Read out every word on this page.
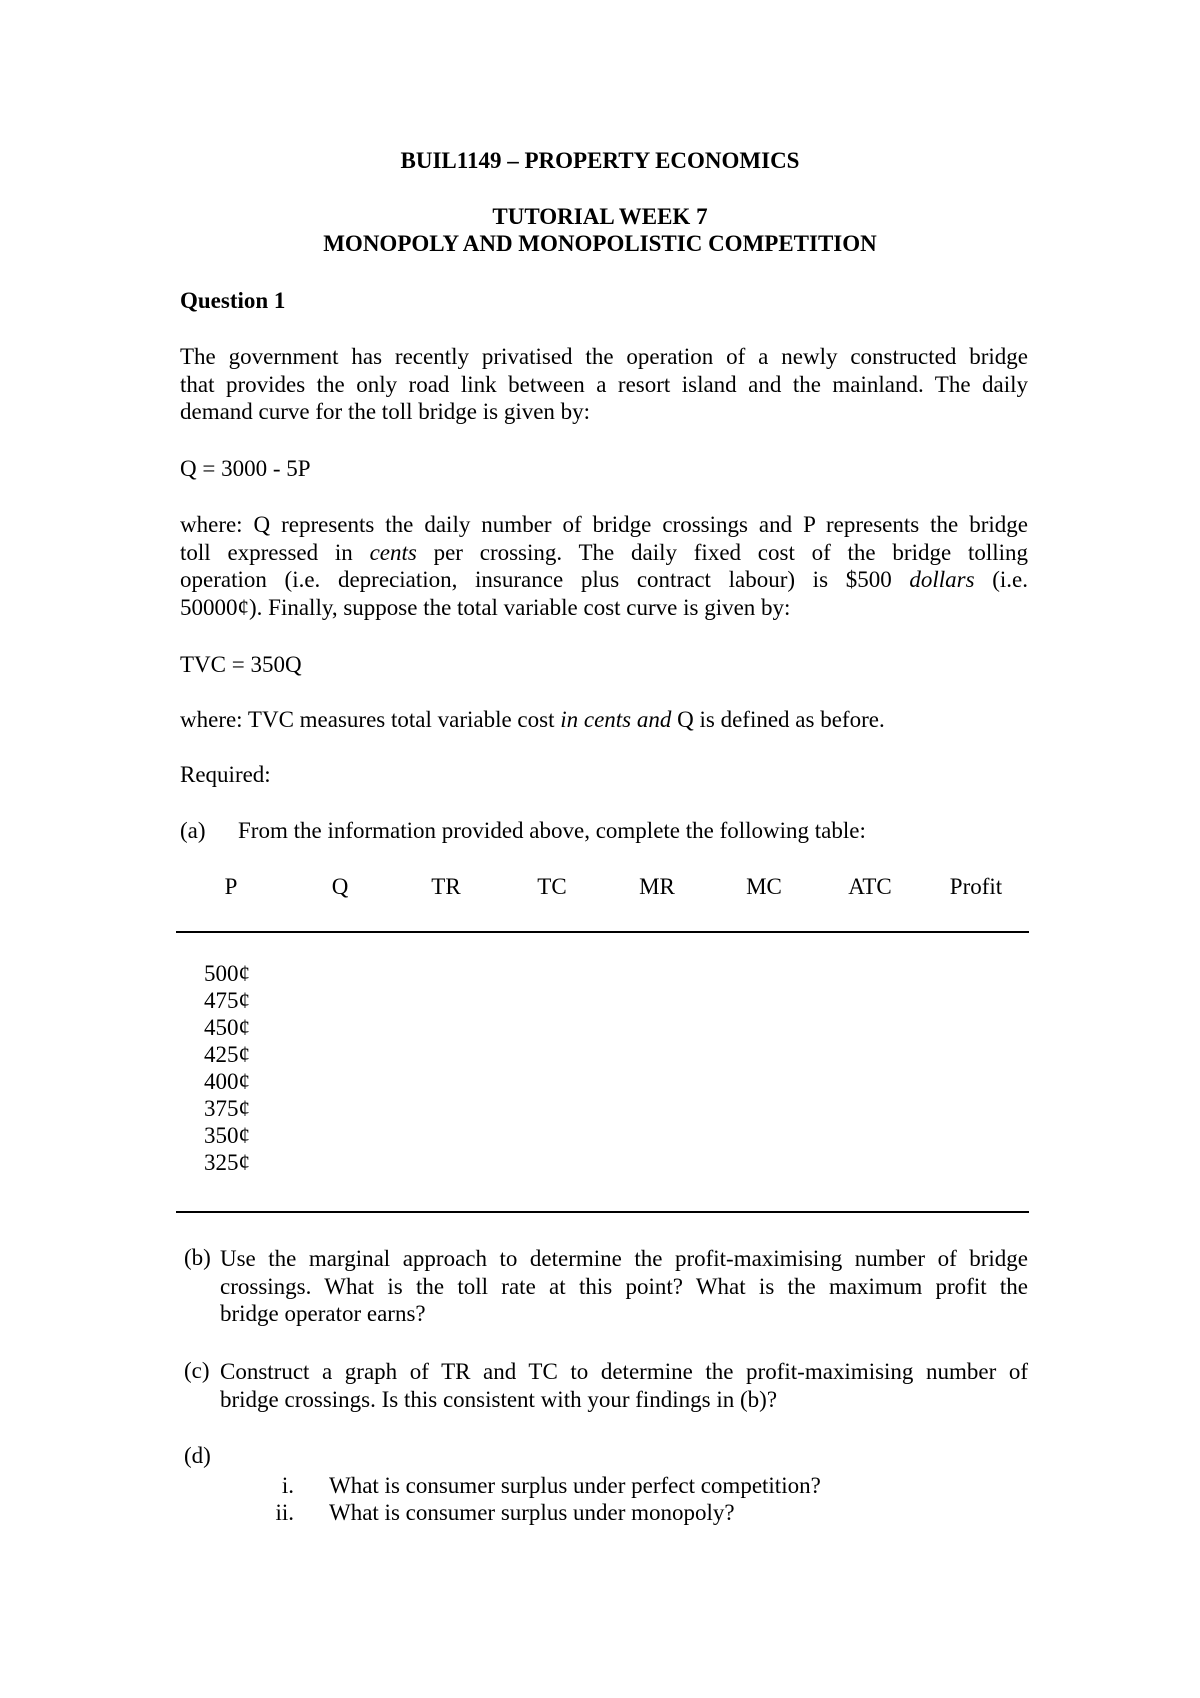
BUIL1149 – PROPERTY ECONOMICS
TUTORIAL WEEK 7
MONOPOLY AND MONOPOLISTIC COMPETITION
Question 1
The government has recently privatised the operation of a newly constructed bridge
that provides the only road link between a resort island and the mainland. The daily
demand curve for the toll bridge is given by:
Q = 3000 - 5P
where: Q represents the daily number of bridge crossings and P represents the bridge
toll expressed in cents per crossing. The daily fixed cost of the bridge tolling
operation (i.e. depreciation, insurance plus contract labour) is $500 dollars (i.e.
50000¢). Finally, suppose the total variable cost curve is given by:
TVC = 350Q
where: TVC measures total variable cost in cents and Q is defined as before.
Required:
(a) From the information provided above, complete the following table:
P	Q	TR	TC	MR	MC	ATC	Profit
500¢
475¢
450¢
425¢
400¢
375¢
350¢
325¢
(b) Use the marginal approach to determine the profit-maximising number of bridge
crossings. What is the toll rate at this point? What is the maximum profit the
bridge operator earns?
(c) Construct a graph of TR and TC to determine the profit-maximising number of
bridge crossings. Is this consistent with your findings in (b)?
(d)
i. What is consumer surplus under perfect competition?
ii. What is consumer surplus under monopoly?
